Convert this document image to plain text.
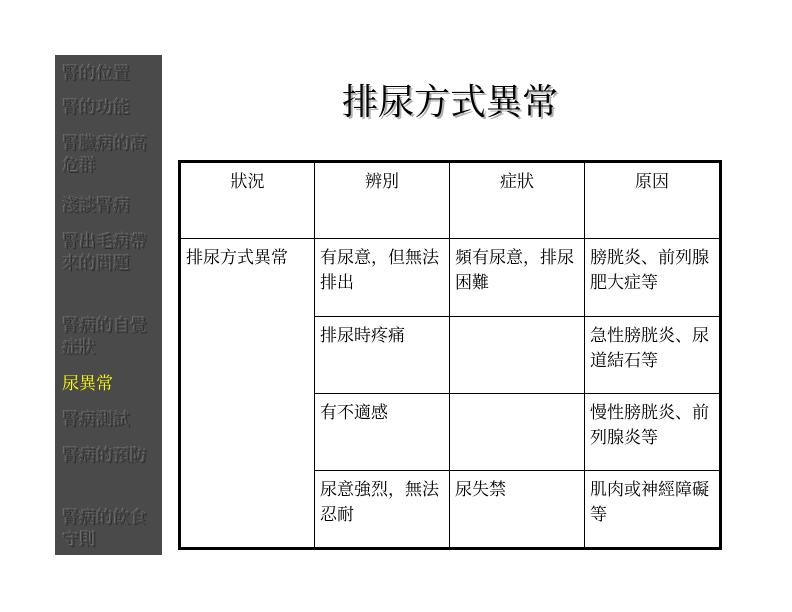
腎的位置
腎的功能
腎臟病的高危群
淺談腎病
腎出毛病帶來的問題
腎病的自覺症狀
尿異常
腎病測試
腎病的預防
腎病的飲食守則
排尿方式異常
狀況	辨別	症狀	原因
排尿方式異常	有尿意，但無法排出	頻有尿意，排尿困難	膀胱炎、前列腺肥大症等
	排尿時疼痛		急性膀胱炎、尿道結石等
	有不適感		慢性膀胱炎、前列腺炎等
	尿意強烈，無法忍耐	尿失禁	肌肉或神經障礙等
